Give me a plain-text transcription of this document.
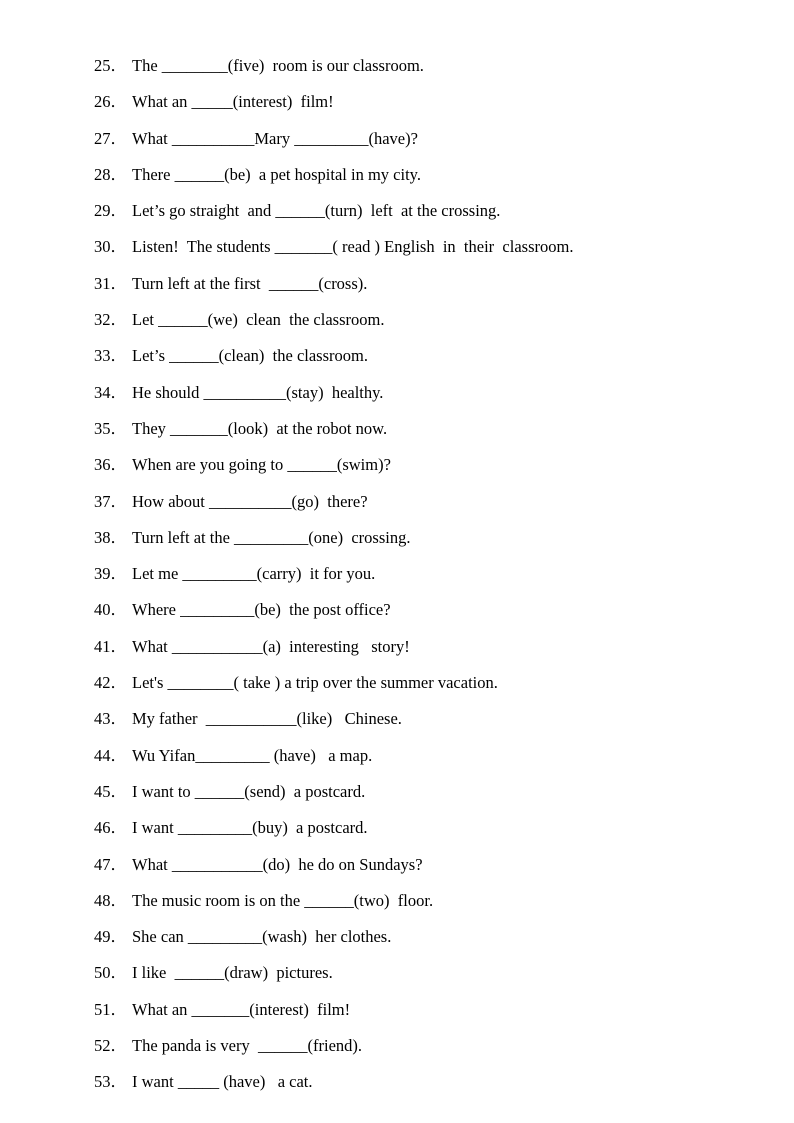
25． The ________(five)  room is our classroom.
26． What an _____(interest)  film!
27． What __________Mary _________(have)?
28． There ______(be)  a pet hospital in my city.
29． Let’s go straight  and ______(turn)  left  at the crossing.
30． Listen!  The students _______( read ) English  in  their  classroom.
31． Turn left at the first  ______(cross).
32． Let ______(we)  clean  the classroom.
33． Let’s ______(clean)  the classroom.
34． He should __________(stay)  healthy.
35． They _______(look)  at the robot now.
36． When are you going to ______(swim)?
37． How about __________(go)  there?
38． Turn left at the _________(one)  crossing.
39． Let me _________(carry)  it for you.
40． Where _________(be)  the post office?
41． What ___________(a)  interesting   story!
42． Let's ________( take ) a trip over the summer vacation.
43． My father  ___________(like)   Chinese.
44． Wu Yifan_________ (have)   a map.
45． I want to ______(send)  a postcard.
46． I want _________(buy)  a postcard.
47． What ___________(do)  he do on Sundays?
48． The music room is on the ______(two)  floor.
49． She can _________(wash)  her clothes.
50． I like  ______(draw)  pictures.
51． What an _______(interest)  film!
52． The panda is very  ______(friend).
53． I want _____ (have)   a cat.
